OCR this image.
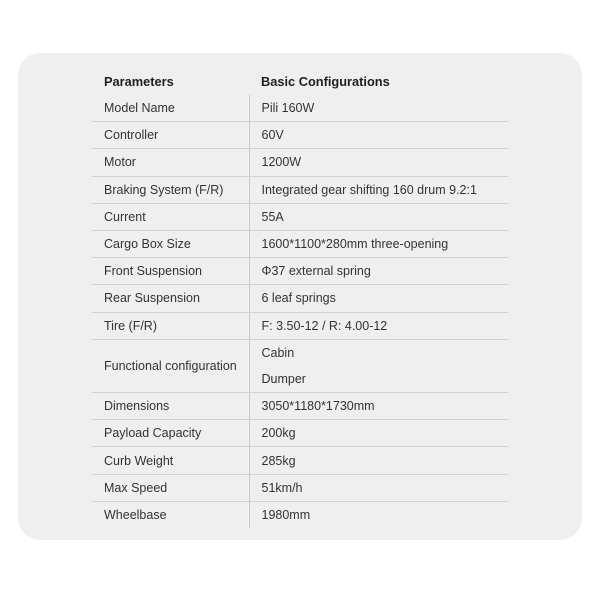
Parameters	Basic Configurations
Model Name	Pili 160W
Controller	60V
Motor	1200W
Braking System (F/R)	Integrated gear shifting 160 drum 9.2:1
Current	55A
Cargo Box Size	1600*1100*280mm three-opening
Front Suspension	Φ37 external spring
Rear Suspension	6 leaf springs
Tire (F/R)	F: 3.50-12 / R: 4.00-12
Functional configuration	Cabin
	Dumper
Dimensions	3050*1180*1730mm
Payload Capacity	200kg
Curb Weight	285kg
Max Speed	51km/h
Wheelbase	1980mm
